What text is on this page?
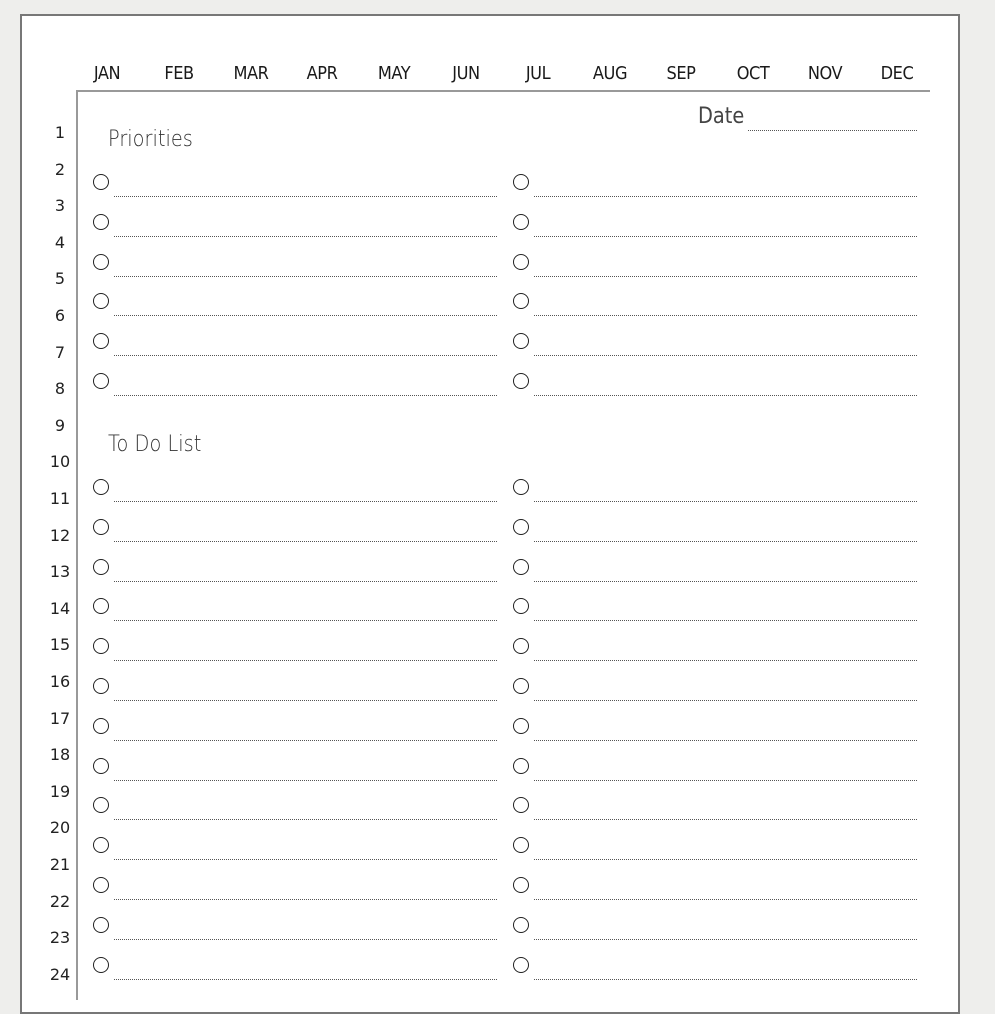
JAN	FEB	MAR	APR	MAY	JUN	JUL	AUG	SEP	OCT	NOV	DEC
1
2
3
4
5
6
7
8
9
10
11
12
13
14
15
16
17
18
19
20
21
22
23
24
Date
Priorities
To Do List
